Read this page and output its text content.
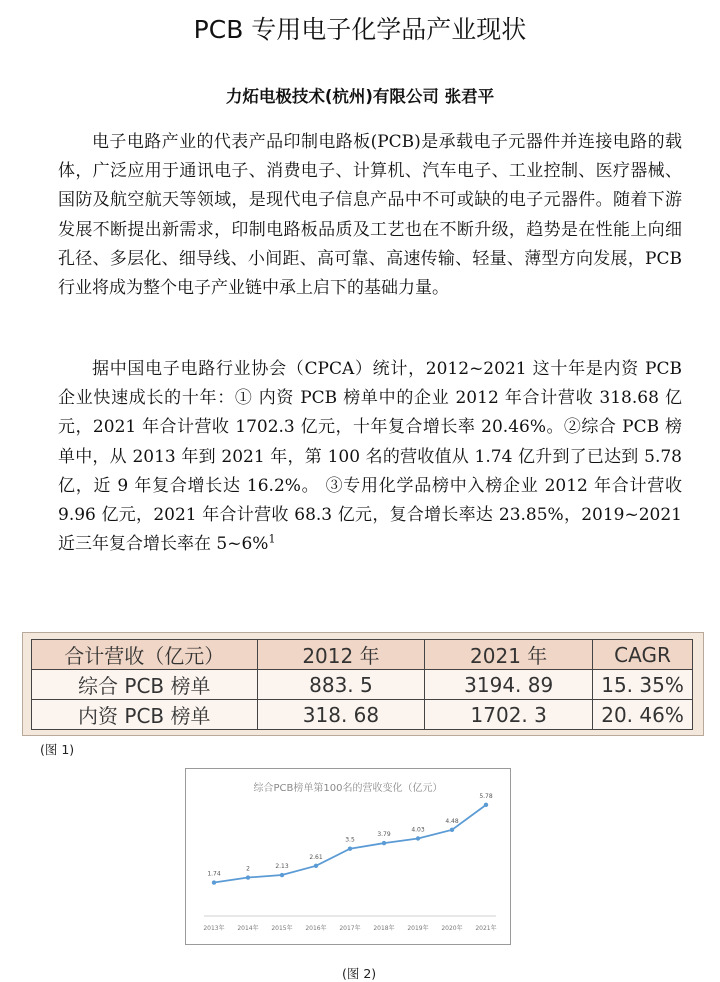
PCB 专用电子化学品产业现状
力炻电极技术(杭州)有限公司 张君平

电子电路产业的代表产品印制电路板(PCB)是承载电子元器件并连接电路的载体，广泛应用于通讯电子、消费电子、计算机、汽车电子、工业控制、医疗器械、国防及航空航天等领域，是现代电子信息产品中不可或缺的电子元器件。随着下游发展不断提出新需求，印制电路板品质及工艺也在不断升级，趋势是在性能上向细孔径、多层化、细导线、小间距、高可靠、高速传输、轻量、薄型方向发展，PCB 行业将成为整个电子产业链中承上启下的基础力量。

据中国电子电路行业协会（CPCA）统计，2012~2021 这十年是内资 PCB 企业快速成长的十年：① 内资 PCB 榜单中的企业 2012 年合计营收 318.68 亿元，2021 年合计营收 1702.3 亿元，十年复合增长率 20.46%。②综合 PCB 榜单中，从 2013 年到 2021 年，第 100 名的营收值从 1.74 亿升到了已达到 5.78 亿，近 9 年复合增长达 16.2%。 ③专用化学品榜中入榜企业 2012 年合计营收 9.96 亿元，2021 年合计营收 68.3 亿元，复合增长率达 23.85%，2019~2021 近三年复合增长率在 5~6%$^1$

合计营收（亿元）	2012 年	2021 年	CAGR
综合 PCB 榜单	883. 5	3194. 89	15. 35%
内资 PCB 榜单	318. 68	1702. 3	20. 46%
(图 1)
综合PCB榜单第100名的营收变化（亿元）
1.74
2013年
2
2014年
2.13
2015年
2.61
2016年
3.5
2017年
3.79
2018年
4.03
2019年
4.48
2020年
5.78
2021年
(图 2)
